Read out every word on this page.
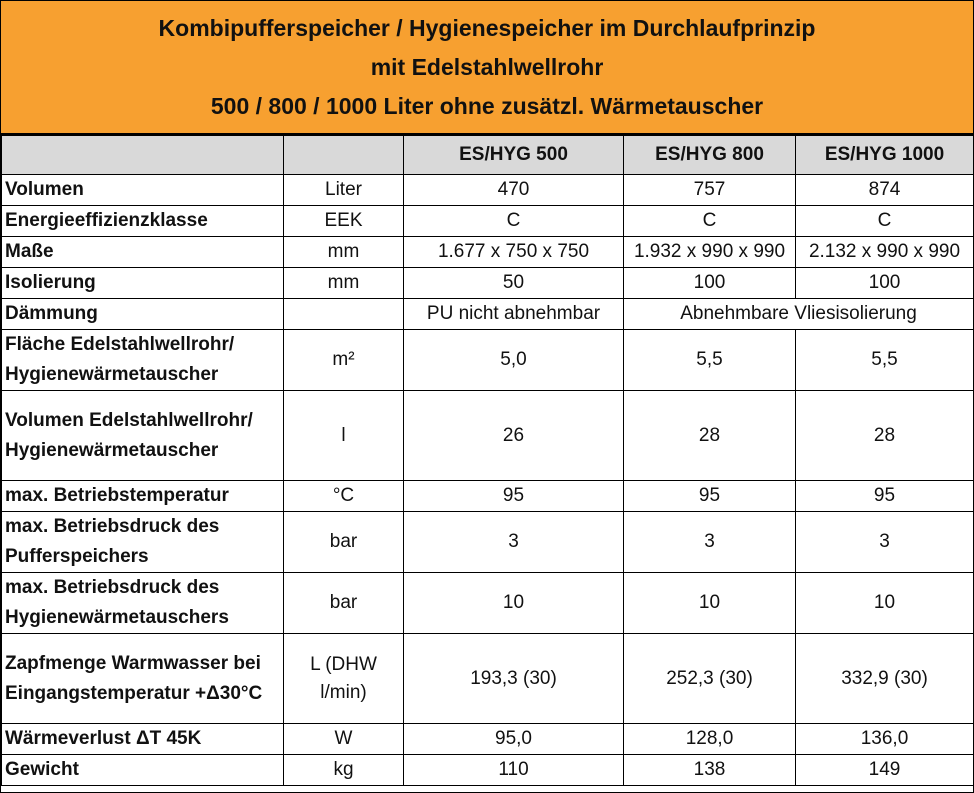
Kombipufferspeicher / Hygienespeicher im Durchlaufprinzip
mit Edelstahlwellrohr
500 / 800 / 1000 Liter ohne zusätzl. Wärmetauscher
		ES/HYG 500	ES/HYG 800	ES/HYG 1000
Volumen	Liter	470	757	874
Energieeffizienzklasse	EEK	C	C	C
Maße	mm	1.677 x 750 x 750	1.932 x 990 x 990	2.132 x 990 x 990
Isolierung	mm	50	100	100
Dämmung		PU nicht abnehmbar	Abnehmbare Vliesisolierung	
Fläche Edelstahlwellrohr/ Hygienewärmetauscher	m²	5,0	5,5	5,5
Volumen Edelstahlwellrohr/ Hygienewärmetauscher	l	26	28	28
max. Betriebstemperatur	°C	95	95	95
max. Betriebsdruck des Pufferspeichers	bar	3	3	3
max. Betriebsdruck des Hygienewärmetauschers	bar	10	10	10
Zapfmenge Warmwasser bei Eingangstemperatur +Δ30°C	L (DHW l/min)	193,3 (30)	252,3 (30)	332,9 (30)
Wärmeverlust ΔT 45K	W	95,0	128,0	136,0
Gewicht	kg	110	138	149
